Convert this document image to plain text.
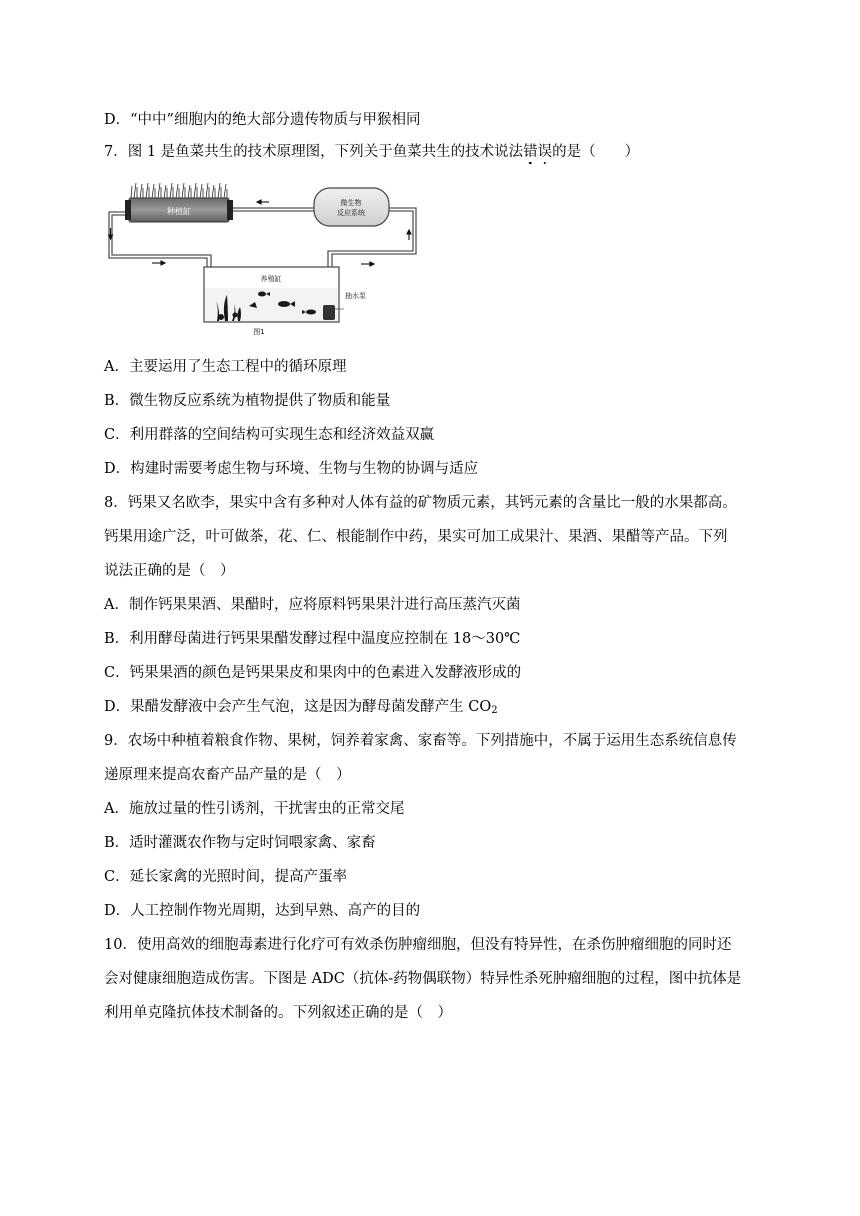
D．“中中”细胞内的绝大部分遗传物质与甲猴相同
7．图 1 是鱼菜共生的技术原理图，下列关于鱼菜共生的技术说法错误的是（　　）
种植缸
微生物
反应系统
养殖缸
抽水泵
图1
A．主要运用了生态工程中的循环原理
B．微生物反应系统为植物提供了物质和能量
C．利用群落的空间结构可实现生态和经济效益双赢
D．构建时需要考虑生物与环境、生物与生物的协调与适应
8．钙果又名欧李，果实中含有多种对人体有益的矿物质元素，其钙元素的含量比一般的水果都高。
钙果用途广泛，叶可做茶，花、仁、根能制作中药，果实可加工成果汁、果酒、果醋等产品。下列
说法正确的是（　）
A．制作钙果果酒、果醋时，应将原料钙果果汁进行高压蒸汽灭菌
B．利用酵母菌进行钙果果醋发酵过程中温度应控制在 18～30℃
C．钙果果酒的颜色是钙果果皮和果肉中的色素进入发酵液形成的
D．果醋发酵液中会产生气泡，这是因为酵母菌发酵产生 $CO_2$
9．农场中种植着粮食作物、果树，饲养着家禽、家畜等。下列措施中，不属于运用生态系统信息传
递原理来提高农畜产品产量的是（　）
A．施放过量的性引诱剂，干扰害虫的正常交尾
B．适时灌溉农作物与定时饲喂家禽、家畜
C．延长家禽的光照时间，提高产蛋率
D．人工控制作物光周期，达到早熟、高产的目的
10．使用高效的细胞毒素进行化疗可有效杀伤肿瘤细胞，但没有特异性，在杀伤肿瘤细胞的同时还
会对健康细胞造成伤害。下图是 ADC（抗体-药物偶联物）特异性杀死肿瘤细胞的过程，图中抗体是
利用单克隆抗体技术制备的。下列叙述正确的是（　）
